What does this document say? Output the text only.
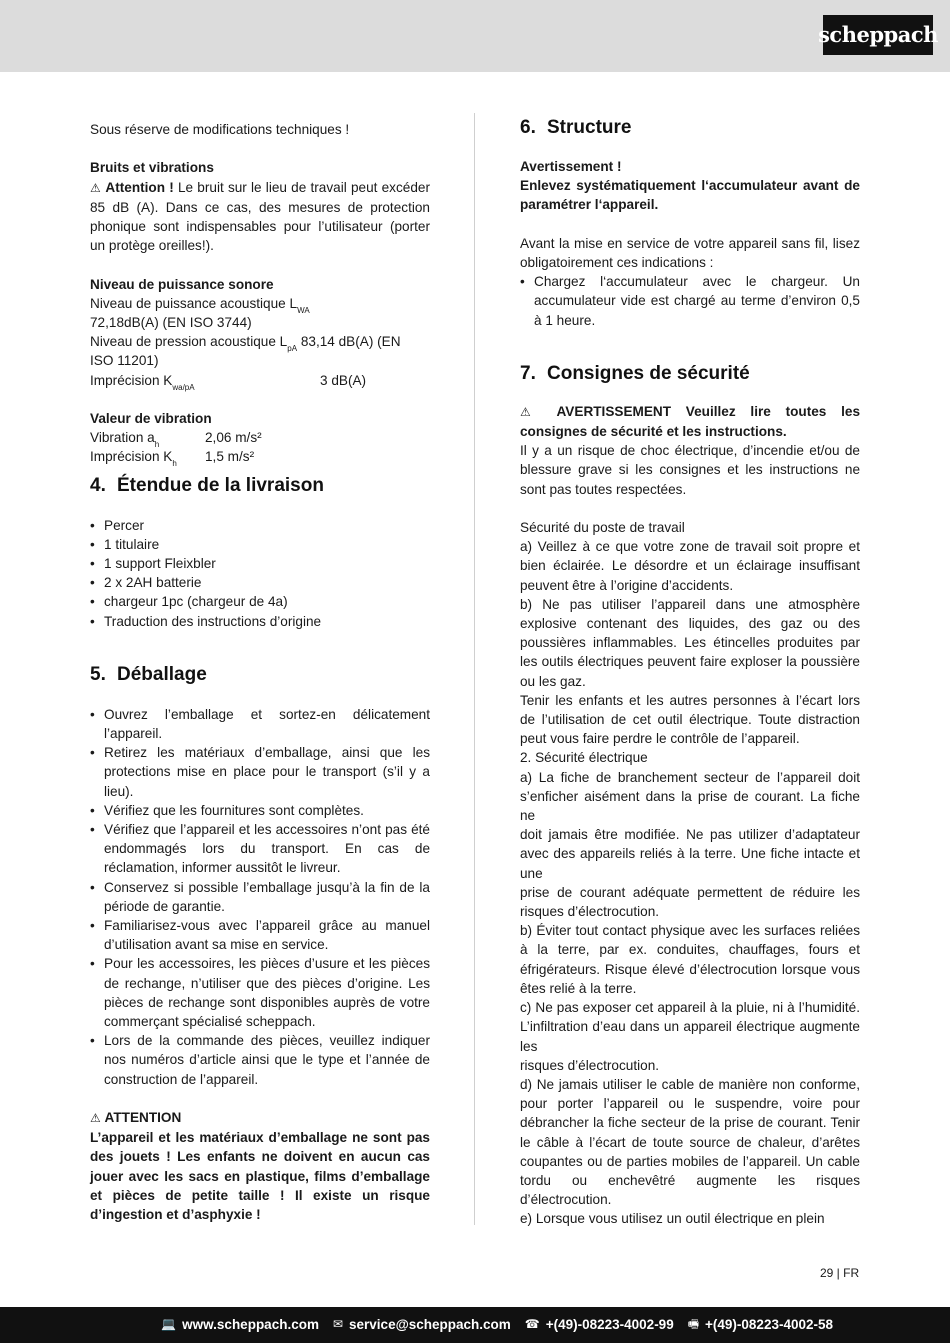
scheppach

Sous réserve de modifications techniques !

Bruits et vibrations

⚠ Attention ! Le bruit sur le lieu de travail peut excéder 85 dB (A). Dans ce cas, des mesures de protection phonique sont indispensables pour l’utilisateur (porter un protège oreilles!).

Niveau de puissance sonore

Niveau de puissance acoustique $L_{WA}$

72,18dB(A) (EN ISO 3744)

Niveau de pression acoustique $L_{pA}$ 83,14 dB(A) (EN

ISO 11201)

Imprécision $K_{wa/pA}$	3 dB(A)

Valeur de vibration

Vibration $a_h$	2,06 m/s²
Imprécision $K_h$	1,5 m/s²
4. Étendue de la livraison
• Percer
• 1 titulaire
• 1 support Fleixbler
• 2 x 2AH batterie
• chargeur 1pc (chargeur de 4a)
• Traduction des instructions d’origine
5. Déballage
• Ouvrez l’emballage et sortez-en délicatement l’appareil.
• Retirez les matériaux d’emballage, ainsi que les protections mise en place pour le transport (s’il y a lieu).
• Vérifiez que les fournitures sont complètes.
• Vérifiez que l’appareil et les accessoires n’ont pas été endommagés lors du transport. En cas de réclamation, informer aussitôt le livreur.
• Conservez si possible l’emballage jusqu’à la fin de la période de garantie.
• Familiarisez-vous avec l’appareil grâce au manuel d’utilisation avant sa mise en service.
• Pour les accessoires, les pièces d’usure et les pièces de rechange, n’utiliser que des pièces d’origine. Les pièces de rechange sont disponibles auprès de votre commerçant spécialisé scheppach.
• Lors de la commande des pièces, veuillez indiquer nos numéros d’article ainsi que le type et l’année de construction de l’appareil.

⚠ ATTENTION

L’appareil et les matériaux d’emballage ne sont pas des jouets ! Les enfants ne doivent en aucun cas jouer avec les sacs en plastique, films d’emballage et pièces de petite taille ! Il existe un risque d’ingestion et d’asphyxie !

6. Structure

Avertissement !

Enlevez systématiquement l‘accumulateur avant de paramétrer l‘appareil.

Avant la mise en service de votre appareil sans fil, lisez obligatoirement ces indications :

• Chargez l‘accumulateur avec le chargeur. Un accumulateur vide est chargé au terme d’environ 0,5 à 1 heure.
7. Consignes de sécurité

⚠ AVERTISSEMENT Veuillez lire toutes les consignes de sécurité et les instructions.

Il y a un risque de choc électrique, d’incendie et/ou de blessure grave si les consignes et les instructions ne sont pas toutes respectées.

Sécurité du poste de travail

a) Veillez à ce que votre zone de travail soit propre et bien éclairée. Le désordre et un éclairage insuffisant peuvent être à l’origine d’accidents.

b) Ne pas utiliser l’appareil dans une atmosphère explosive contenant des liquides, des gaz ou des poussières inflammables. Les étincelles produites par les outils électriques peuvent faire exploser la poussière ou les gaz.

Tenir les enfants et les autres personnes à l’écart lors de l’utilisation de cet outil électrique. Toute distraction peut vous faire perdre le contrôle de l’appareil.

2. Sécurité électrique

a) La fiche de branchement secteur de l’appareil doit s’enficher aisément dans la prise de courant. La fiche ne

doit jamais être modifiée. Ne pas utilizer d’adaptateur avec des appareils reliés à la terre. Une fiche intacte et une

prise de courant adéquate permettent de réduire les risques d’électrocution.

b) Éviter tout contact physique avec les surfaces reliées à la terre, par ex. conduites, chauffages, fours et éfrigérateurs. Risque élevé d’électrocution lorsque vous êtes relié à la terre.

c) Ne pas exposer cet appareil à la pluie, ni à l’humidité. L’infiltration d’eau dans un appareil électrique augmente les

risques d’électrocution.

d) Ne jamais utiliser le cable de manière non conforme, pour porter l’appareil ou le suspendre, voire pour débrancher la fiche secteur de la prise de courant. Tenir le câble à l’écart de toute source de chaleur, d’arêtes coupantes ou de parties mobiles de l’appareil. Un cable tordu ou enchevêtré augmente les risques d’électrocution.

e) Lorsque vous utilisez un outil électrique en plein

29 | FR
💻 www.scheppach.com ✉ service@scheppach.com ☎ +(49)-08223-4002-99 🖷 +(49)-08223-4002-58
